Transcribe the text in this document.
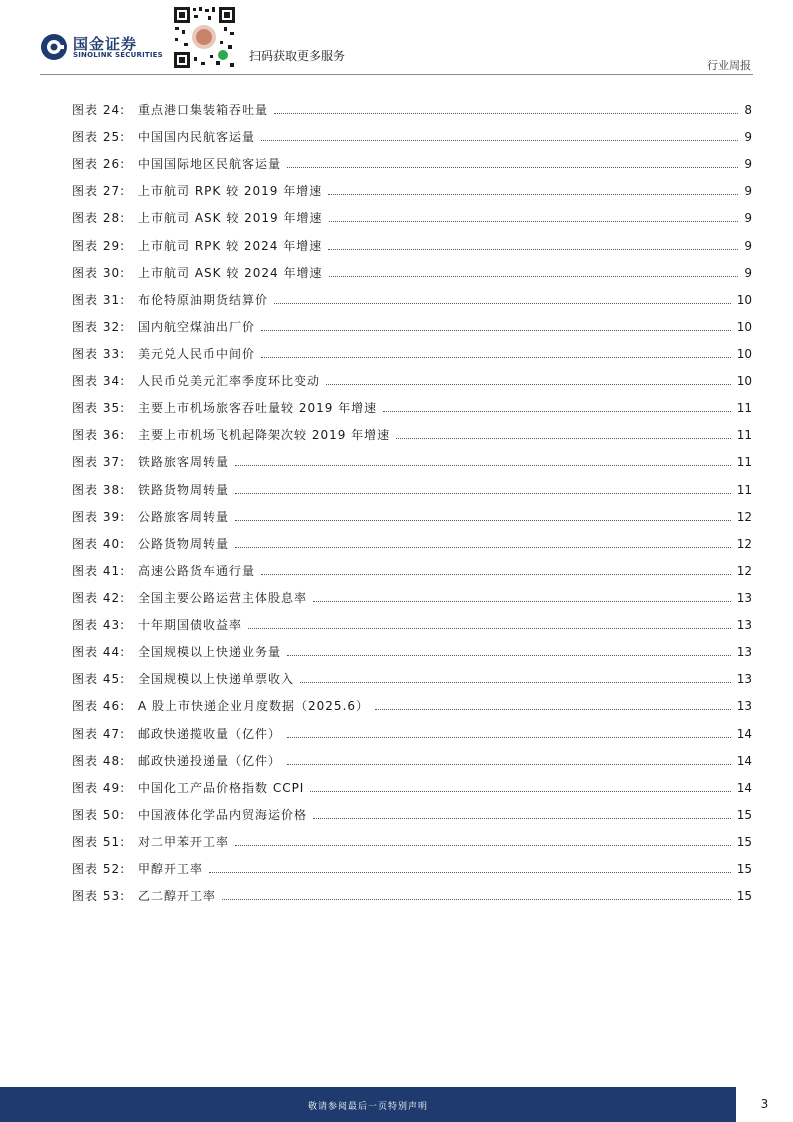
国金证券
SINOLINK SECURITIES	扫码获取更多服务
行业周报
图表 24:	重点港口集装箱吞吐量	8
图表 25:	中国国内民航客运量	9
图表 26:	中国国际地区民航客运量	9
图表 27:	上市航司 RPK 较 2019 年增速	9
图表 28:	上市航司 ASK 较 2019 年增速	9
图表 29:	上市航司 RPK 较 2024 年增速	9
图表 30:	上市航司 ASK 较 2024 年增速	9
图表 31:	布伦特原油期货结算价	10
图表 32:	国内航空煤油出厂价	10
图表 33:	美元兑人民币中间价	10
图表 34:	人民币兑美元汇率季度环比变动	10
图表 35:	主要上市机场旅客吞吐量较 2019 年增速	11
图表 36:	主要上市机场飞机起降架次较 2019 年增速	11
图表 37:	铁路旅客周转量	11
图表 38:	铁路货物周转量	11
图表 39:	公路旅客周转量	12
图表 40:	公路货物周转量	12
图表 41:	高速公路货车通行量	12
图表 42:	全国主要公路运营主体股息率	13
图表 43:	十年期国债收益率	13
图表 44:	全国规模以上快递业务量	13
图表 45:	全国规模以上快递单票收入	13
图表 46:	A 股上市快递企业月度数据（2025.6）	13
图表 47:	邮政快递揽收量（亿件）	14
图表 48:	邮政快递投递量（亿件）	14
图表 49:	中国化工产品价格指数 CCPI	14
图表 50:	中国液体化学品内贸海运价格	15
图表 51:	对二甲苯开工率	15
图表 52:	甲醇开工率	15
图表 53:	乙二醇开工率	15
敬请参阅最后一页特别声明	3
